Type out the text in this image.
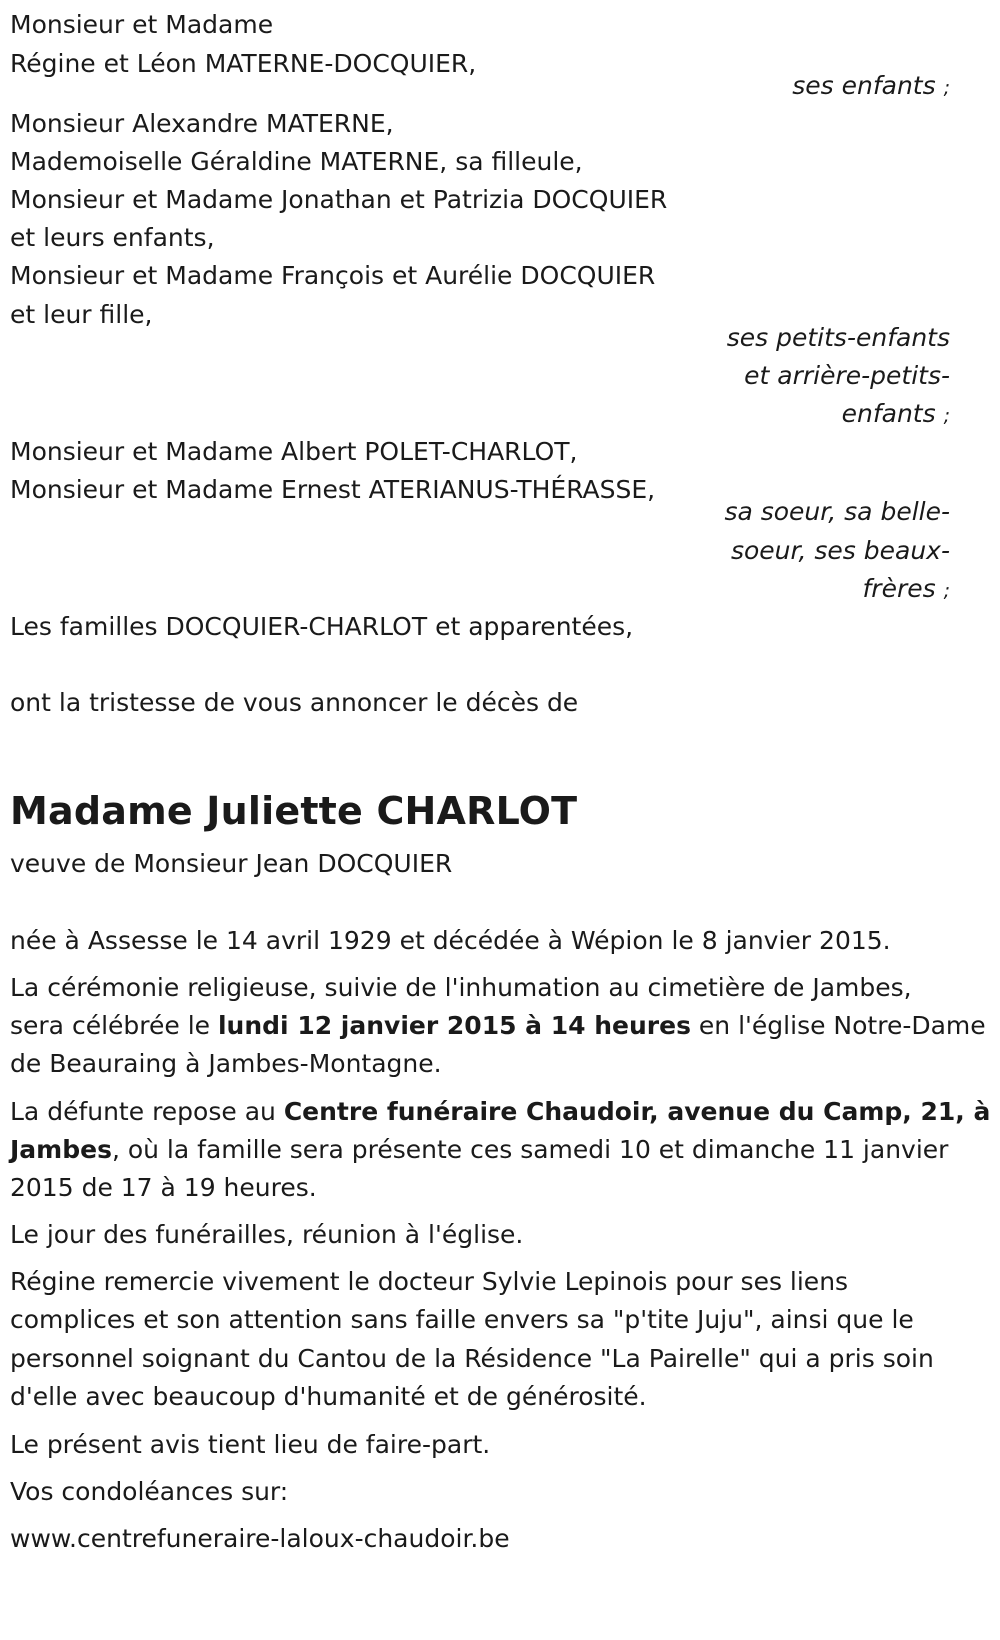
Monsieur et Madame

Régine et Léon MATERNE-DOCQUIER,

ses enfants ;

Monsieur Alexandre MATERNE,

Mademoiselle Géraldine MATERNE, sa filleule,

Monsieur et Madame Jonathan et Patrizia DOCQUIER

et leurs enfants,

Monsieur et Madame François et Aurélie DOCQUIER

et leur fille,

ses petits-enfants

et arrière-petits-

enfants ;

Monsieur et Madame Albert POLET-CHARLOT,

Monsieur et Madame Ernest ATERIANUS-THÉRASSE,

sa soeur, sa belle-

soeur, ses beaux-

frères ;

Les familles DOCQUIER-CHARLOT et apparentées,

ont la tristesse de vous annoncer le décès de

Madame Juliette CHARLOT

veuve de Monsieur Jean DOCQUIER

née à Assesse le 14 avril 1929 et décédée à Wépion le 8 janvier 2015.

La cérémonie religieuse, suivie de l'inhumation au cimetière de Jambes,

sera célébrée le lundi 12 janvier 2015 à 14 heures en l'église Notre-Dame

de Beauraing à Jambes-Montagne.

La défunte repose au Centre funéraire Chaudoir, avenue du Camp, 21, à

Jambes, où la famille sera présente ces samedi 10 et dimanche 11 janvier

2015 de 17 à 19 heures.

Le jour des funérailles, réunion à l'église.

Régine remercie vivement le docteur Sylvie Lepinois pour ses liens

complices et son attention sans faille envers sa "p'tite Juju", ainsi que le

personnel soignant du Cantou de la Résidence "La Pairelle" qui a pris soin

d'elle avec beaucoup d'humanité et de générosité.

Le présent avis tient lieu de faire-part.

Vos condoléances sur:

www.centrefuneraire-laloux-chaudoir.be
